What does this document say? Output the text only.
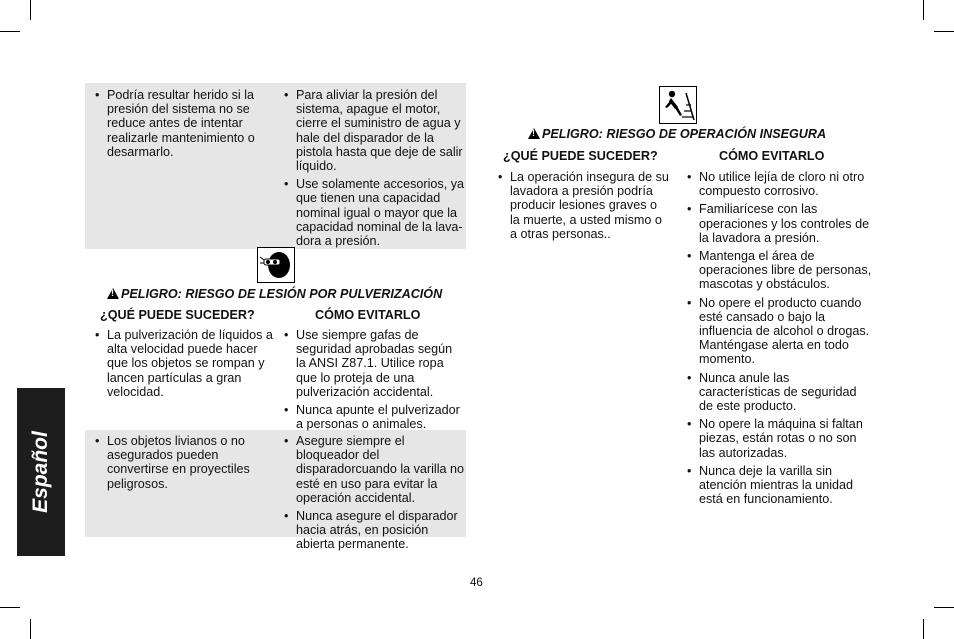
Español
• Podría resultar herido si la presión del sistema no se reduce antes de intentar realizarle mantenimiento o desarmarlo.
• Para aliviar la presión del sistema, apague el motor, cierre el suministro de agua y hale del disparador de la pistola hasta que deje de salir líquido.
• Use solamente accesorios, ya que tienen una capacidad nominal igual o mayor que la capacidad nominal de la lava-dora a presión.
!PELIGRO: RIESGO DE LESIÓN POR PULVERIZACIÓN
¿QUÉ PUEDE SUCEDER?	CÓMO EVITARLO
• La pulverización de líquidos a alta velocidad puede hacer que los objetos se rompan y lancen partículas a gran velocidad.
• Use siempre gafas de seguridad aprobadas según la ANSI Z87.1. Utilice ropa que lo proteja de una pulverización accidental.
• Nunca apunte el pulverizador a personas o animales.
• Los objetos livianos o no asegurados pueden convertirse en proyectiles peligrosos.
• Asegure siempre el bloqueador del disparadorcuando la varilla no esté en uso para evitar la operación accidental.
• Nunca asegure el disparador hacia atrás, en posición abierta permanente.
!PELIGRO: RIESGO DE OPERACIÓN INSEGURA
¿QUÉ PUEDE SUCEDER?	CÓMO EVITARLO
• La operación insegura de su lavadora a presión podría producir lesiones graves o la muerte, a usted mismo o a otras personas..
• No utilice lejía de cloro ni otro compuesto corrosivo.
• Familiarícese con las operaciones y los controles de la lavadora a presión.
• Mantenga el área de operaciones libre de personas, mascotas y obstáculos.
• No opere el producto cuando esté cansado o bajo la influencia de alcohol o drogas. Manténgase alerta en todo momento.
• Nunca anule las características de seguridad de este producto.
• No opere la máquina si faltan piezas, están rotas o no son las autorizadas.
• Nunca deje la varilla sin atención mientras la unidad está en funcionamiento.
46
